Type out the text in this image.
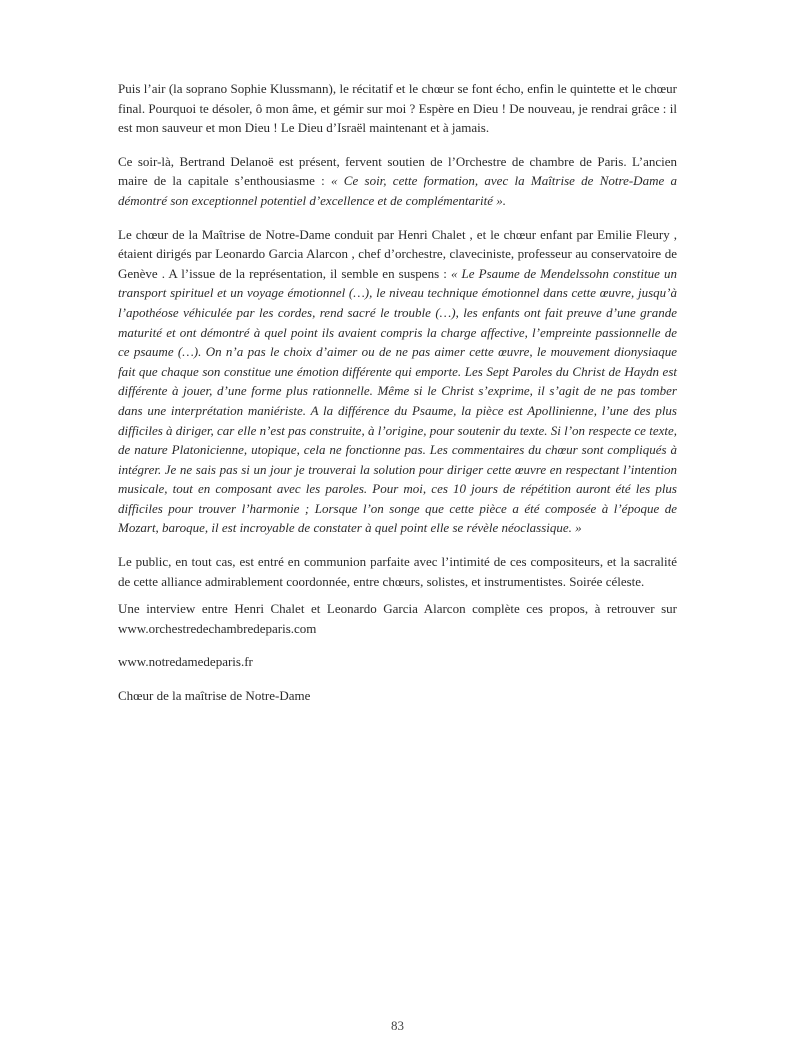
Puis l’air (la soprano Sophie Klussmann), le récitatif et le chœur se font écho, enfin le quintette et le chœur final. Pourquoi te désoler, ô mon âme, et gémir sur moi ? Espère en Dieu ! De nouveau, je rendrai grâce : il est mon sauveur et mon Dieu ! Le Dieu d’Israël maintenant et à jamais.

Ce soir-là, Bertrand Delanoë est présent, fervent soutien de l’Orchestre de chambre de Paris. L’ancien maire de la capitale s’enthousiasme : « Ce soir, cette formation, avec la Maîtrise de Notre-Dame a démontré son exceptionnel potentiel d’excellence et de complémentarité ».

Le chœur de la Maîtrise de Notre-Dame conduit par Henri Chalet , et le chœur enfant par Emilie Fleury , étaient dirigés par Leonardo Garcia Alarcon , chef d’orchestre, claveciniste, professeur au conservatoire de Genève . A l’issue de la représentation, il semble en suspens : « Le Psaume de Mendelssohn constitue un transport spirituel et un voyage émotionnel (…), le niveau technique émotionnel dans cette œuvre, jusqu’à l’apothéose véhiculée par les cordes, rend sacré le trouble (…), les enfants ont fait preuve d’une grande maturité et ont démontré à quel point ils avaient compris la charge affective, l’empreinte passionnelle de ce psaume (…). On n’a pas le choix d’aimer ou de ne pas aimer cette œuvre, le mouvement dionysiaque fait que chaque son constitue une émotion différente qui emporte. Les Sept Paroles du Christ de Haydn est différente à jouer, d’une forme plus rationnelle. Même si le Christ s’exprime, il s’agit de ne pas tomber dans une interprétation maniériste. A la différence du Psaume, la pièce est Apollinienne, l’une des plus difficiles à diriger, car elle n’est pas construite, à l’origine, pour soutenir du texte. Si l’on respecte ce texte, de nature Platonicienne, utopique, cela ne fonctionne pas. Les commentaires du chœur sont compliqués à intégrer. Je ne sais pas si un jour je trouverai la solution pour diriger cette œuvre en respectant l’intention musicale, tout en composant avec les paroles. Pour moi, ces 10 jours de répétition auront été les plus difficiles pour trouver l’harmonie ; Lorsque l’on songe que cette pièce a été composée à l’époque de Mozart, baroque, il est incroyable de constater à quel point elle se révèle néoclassique. »

Le public, en tout cas, est entré en communion parfaite avec l’intimité de ces compositeurs, et la sacralité de cette alliance admirablement coordonnée, entre chœurs, solistes, et instrumentistes. Soirée céleste.

Une interview entre Henri Chalet et Leonardo Garcia Alarcon complète ces propos, à retrouver sur www.orchestredechambredeparis.com

www.notredamedeparis.fr

Chœur de la maîtrise de Notre-Dame

83
